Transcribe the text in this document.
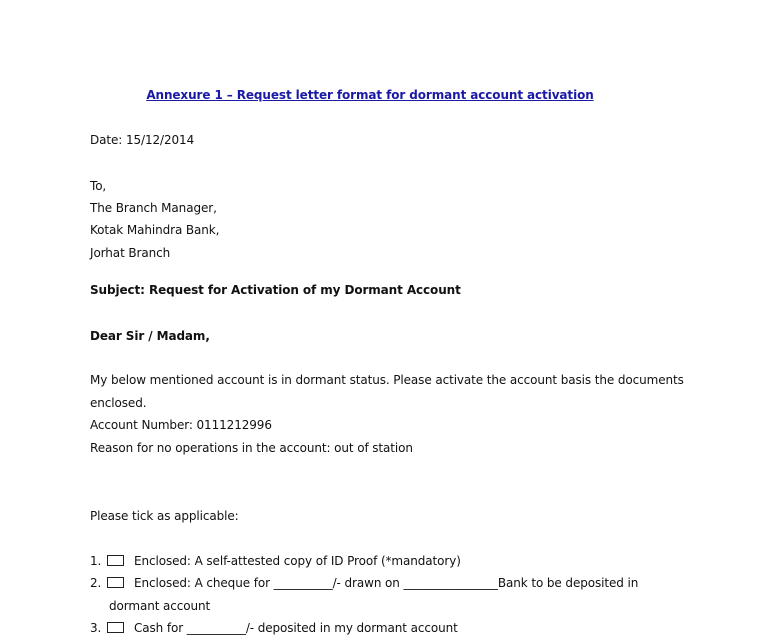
Annexure 1 – Request letter format for dormant account activation
Date: 15/12/2014
To,
The Branch Manager,
Kotak Mahindra Bank,
Jorhat Branch
Subject: Request for Activation of my Dormant Account
Dear Sir / Madam,
My below mentioned account is in dormant status. Please activate the account basis the documents
enclosed.
Account Number: 0111212996
Reason for no operations in the account: out of station
Please tick as applicable:
1.	Enclosed: A self-attested copy of ID Proof (*mandatory)
2.	Enclosed: A cheque for __________/- drawn on ________________Bank to be deposited in
dormant account
3.	Cash for __________/- deposited in my dormant account
